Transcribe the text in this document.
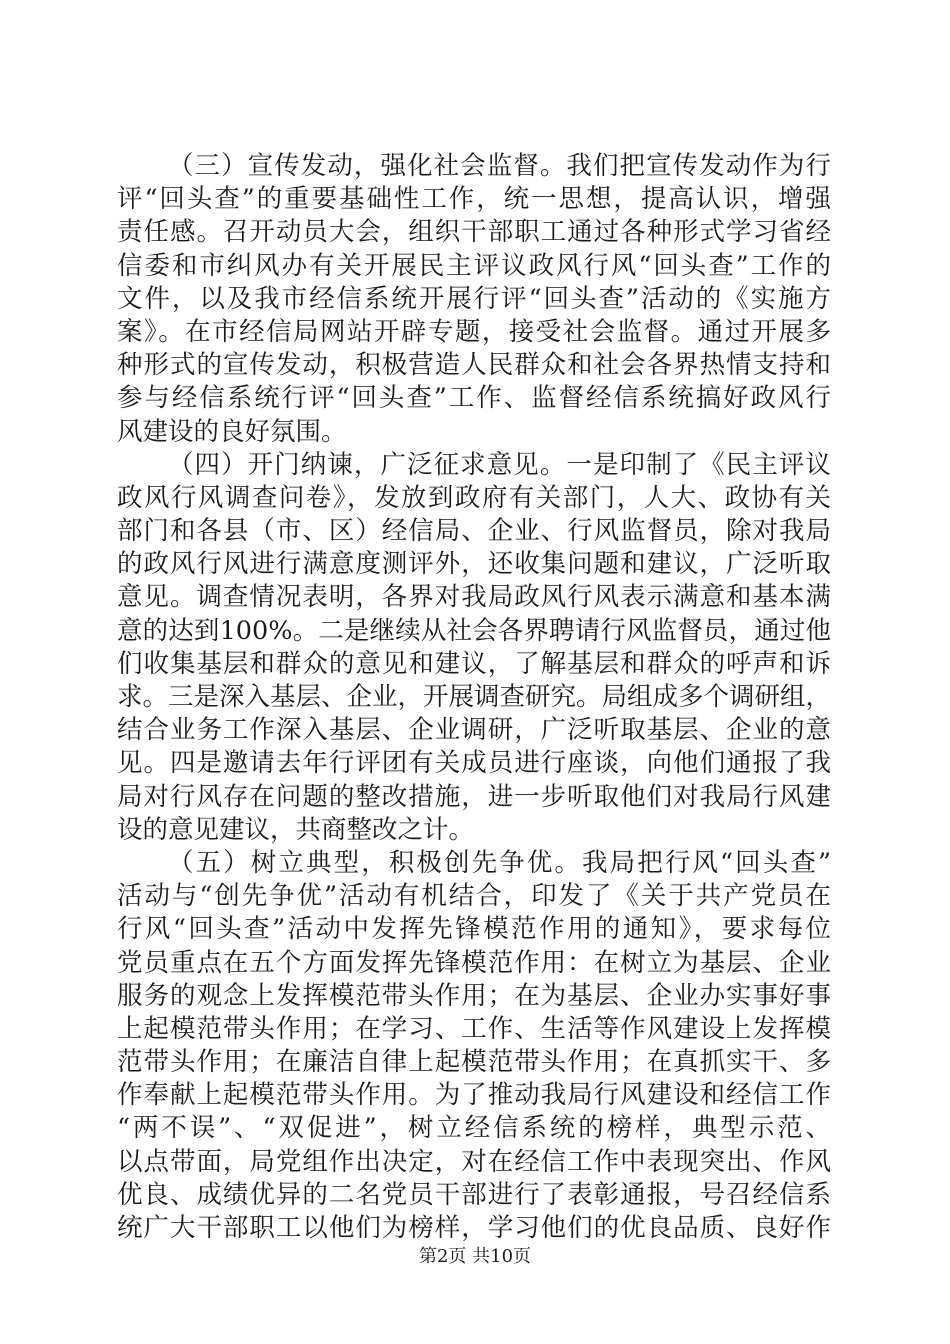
（三）宣传发动，强化社会监督。我们把宣传发动作为行
评“回头查”的重要基础性工作，统一思想，提高认识，增强
责任感。召开动员大会，组织干部职工通过各种形式学习省经
信委和市纠风办有关开展民主评议政风行风“回头查”工作的
文件，以及我市经信系统开展行评“回头查”活动的《实施方
案》。在市经信局网站开辟专题，接受社会监督。通过开展多
种形式的宣传发动，积极营造人民群众和社会各界热情支持和
参与经信系统行评“回头查”工作、监督经信系统搞好政风行
风建设的良好氛围。
（四）开门纳谏，广泛征求意见。一是印制了《民主评议
政风行风调查问卷》，发放到政府有关部门，人大、政协有关
部门和各县（市、区）经信局、企业、行风监督员，除对我局
的政风行风进行满意度测评外，还收集问题和建议，广泛听取
意见。调查情况表明，各界对我局政风行风表示满意和基本满
意的达到100%。二是继续从社会各界聘请行风监督员，通过他
们收集基层和群众的意见和建议，了解基层和群众的呼声和诉
求。三是深入基层、企业，开展调查研究。局组成多个调研组，
结合业务工作深入基层、企业调研，广泛听取基层、企业的意
见。四是邀请去年行评团有关成员进行座谈，向他们通报了我
局对行风存在问题的整改措施，进一步听取他们对我局行风建
设的意见建议，共商整改之计。
（五）树立典型，积极创先争优。我局把行风“回头查”
活动与“创先争优”活动有机结合，印发了《关于共产党员在
行风“回头查”活动中发挥先锋模范作用的通知》，要求每位
党员重点在五个方面发挥先锋模范作用：在树立为基层、企业
服务的观念上发挥模范带头作用；在为基层、企业办实事好事
上起模范带头作用；在学习、工作、生活等作风建设上发挥模
范带头作用；在廉洁自律上起模范带头作用；在真抓实干、多
作奉献上起模范带头作用。为了推动我局行风建设和经信工作
“两不误”、“双促进”，树立经信系统的榜样，典型示范、
以点带面，局党组作出决定，对在经信工作中表现突出、作风
优良、成绩优异的二名党员干部进行了表彰通报，号召经信系
统广大干部职工以他们为榜样，学习他们的优良品质、良好作
第2页 共10页
